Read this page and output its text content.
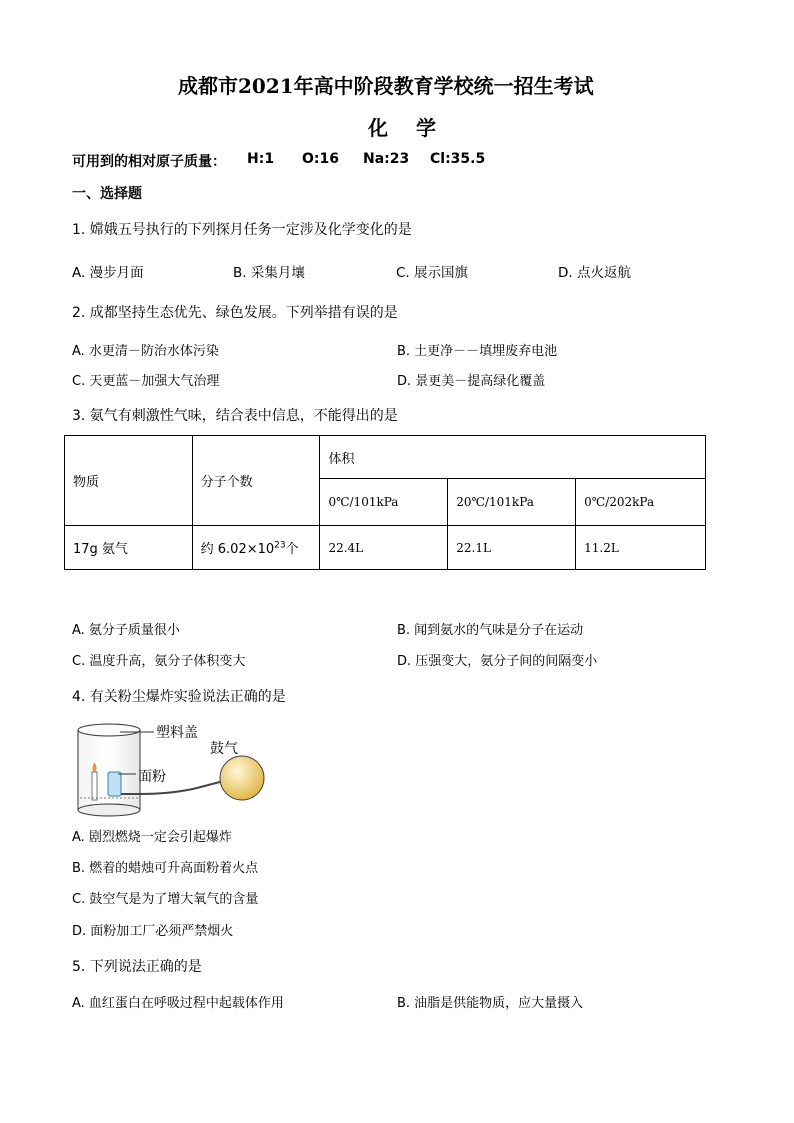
成都市2021年高中阶段教育学校统一招生考试
化学
可用到的相对原子质量： H:1 O:16 Na:23 Cl:35.5
一、选择题
1. 嫦娥五号执行的下列探月任务一定涉及化学变化的是
A. 漫步月面	B. 采集月壤	C. 展示国旗	D. 点火返航
2. 成都坚持生态优先、绿色发展。下列举措有误的是
A. 水更清－防治水体污染	B. 土更净－－填埋废弃电池
C. 天更蓝－加强大气治理	D. 景更美－提高绿化覆盖
3. 氨气有刺激性气味，结合表中信息，不能得出的是
物质	分子个数	体积		
		0℃/101kPa	20℃/101kPa	0℃/202kPa
17g 氨气	约 $6.02\times 10^{23}$个	22.4L	22.1L	11.2L
A. 氨分子质量很小	B. 闻到氨水的气味是分子在运动
C. 温度升高，氨分子体积变大	D. 压强变大，氨分子间的间隔变小
4. 有关粉尘爆炸实验说法正确的是
塑料盖
面粉
鼓气
A. 剧烈燃烧一定会引起爆炸
B. 燃着的蜡烛可升高面粉着火点
C. 鼓空气是为了增大氧气的含量
D. 面粉加工厂必须严禁烟火
5. 下列说法正确的是
A. 血红蛋白在呼吸过程中起载体作用	B. 油脂是供能物质，应大量摄入
